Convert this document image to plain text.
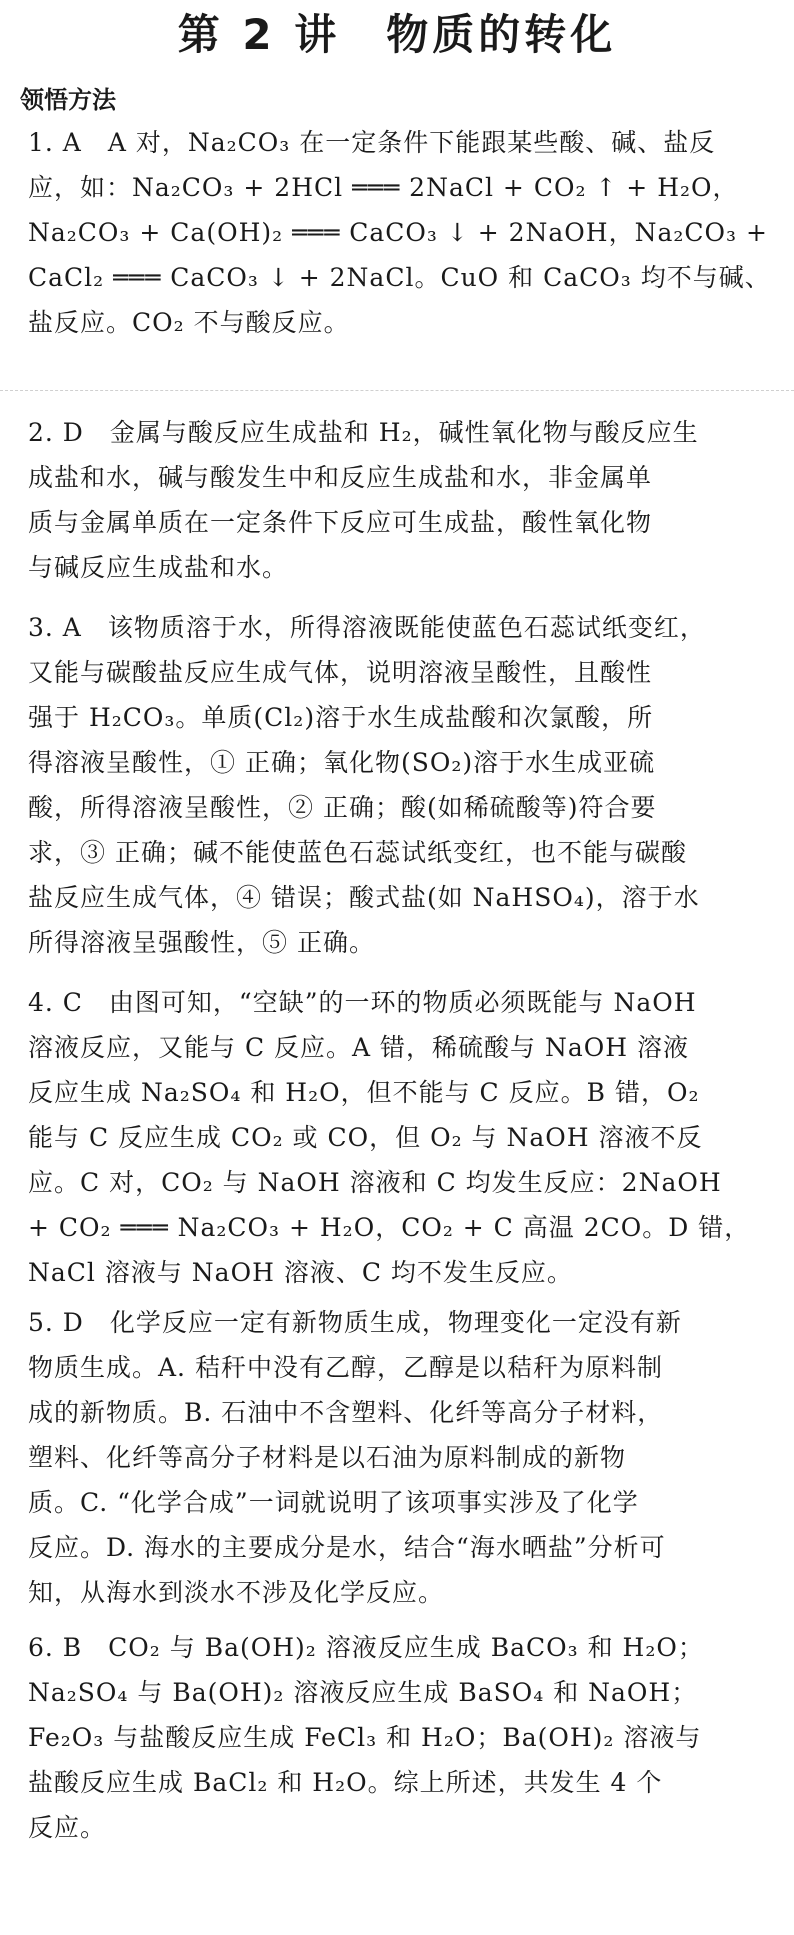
第 2 讲　物质的转化
领悟方法

1. A　A 对，Na₂CO₃ 在一定条件下能跟某些酸、碱、盐反

应，如：Na₂CO₃ + 2HCl ═══ 2NaCl + CO₂ ↑ + H₂O，

Na₂CO₃ + Ca(OH)₂ ═══ CaCO₃ ↓ + 2NaOH，Na₂CO₃ +

CaCl₂ ═══ CaCO₃ ↓ + 2NaCl。CuO 和 CaCO₃ 均不与碱、

盐反应。CO₂ 不与酸反应。

2. D　金属与酸反应生成盐和 H₂，碱性氧化物与酸反应生

成盐和水，碱与酸发生中和反应生成盐和水，非金属单

质与金属单质在一定条件下反应可生成盐，酸性氧化物

与碱反应生成盐和水。

3. A　该物质溶于水，所得溶液既能使蓝色石蕊试纸变红，

又能与碳酸盐反应生成气体，说明溶液呈酸性，且酸性

强于 H₂CO₃。单质(Cl₂)溶于水生成盐酸和次氯酸，所

得溶液呈酸性，① 正确；氧化物(SO₂)溶于水生成亚硫

酸，所得溶液呈酸性，② 正确；酸(如稀硫酸等)符合要

求，③ 正确；碱不能使蓝色石蕊试纸变红，也不能与碳酸

盐反应生成气体，④ 错误；酸式盐(如 NaHSO₄)，溶于水

所得溶液呈强酸性，⑤ 正确。

4. C　由图可知，“空缺”的一环的物质必须既能与 NaOH

溶液反应，又能与 C 反应。A 错，稀硫酸与 NaOH 溶液

反应生成 Na₂SO₄ 和 H₂O，但不能与 C 反应。B 错，O₂

能与 C 反应生成 CO₂ 或 CO，但 O₂ 与 NaOH 溶液不反

应。C 对，CO₂ 与 NaOH 溶液和 C 均发生反应：2NaOH

+ CO₂ ═══ Na₂CO₃ + H₂O，CO₂ + C 高温 2CO。D 错，

NaCl 溶液与 NaOH 溶液、C 均不发生反应。

5. D　化学反应一定有新物质生成，物理变化一定没有新

物质生成。A. 秸秆中没有乙醇，乙醇是以秸秆为原料制

成的新物质。B. 石油中不含塑料、化纤等高分子材料，

塑料、化纤等高分子材料是以石油为原料制成的新物

质。C. “化学合成”一词就说明了该项事实涉及了化学

反应。D. 海水的主要成分是水，结合“海水晒盐”分析可

知，从海水到淡水不涉及化学反应。

6. B　CO₂ 与 Ba(OH)₂ 溶液反应生成 BaCO₃ 和 H₂O；

Na₂SO₄ 与 Ba(OH)₂ 溶液反应生成 BaSO₄ 和 NaOH；

Fe₂O₃ 与盐酸反应生成 FeCl₃ 和 H₂O；Ba(OH)₂ 溶液与

盐酸反应生成 BaCl₂ 和 H₂O。综上所述，共发生 4 个

反应。
